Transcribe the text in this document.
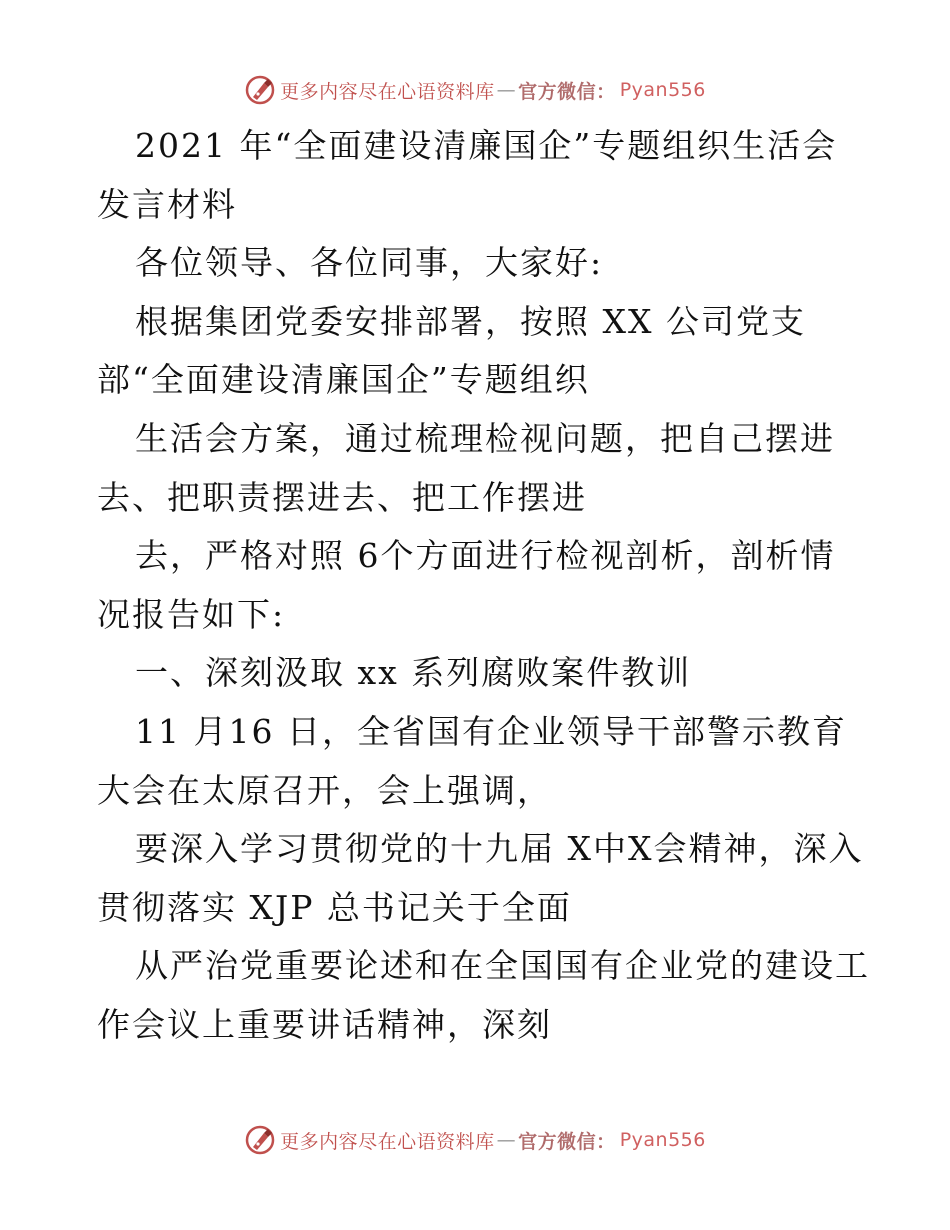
更多内容尽在心语资料库 — 官方微信： Pyan556
2021 年“全面建设清廉国企”专题组织生活会
发言材料
各位领导、各位同事，大家好:
根据集团党委安排部署，按照 XX 公司党支
部“全面建设清廉国企”专题组织
生活会方案，通过梳理检视问题，把自己摆进
去、把职责摆进去、把工作摆进
去，严格对照 6个方面进行检视剖析，剖析情
况报告如下:
一、深刻汲取 xx 系列腐败案件教训
11 月16 日，全省国有企业领导干部警示教育
大会在太原召开，会上强调，
要深入学习贯彻党的十九届 X中X会精神，深入
贯彻落实 XJP 总书记关于全面
从严治党重要论述和在全国国有企业党的建设工
作会议上重要讲话精神，深刻
更多内容尽在心语资料库 — 官方微信： Pyan556
